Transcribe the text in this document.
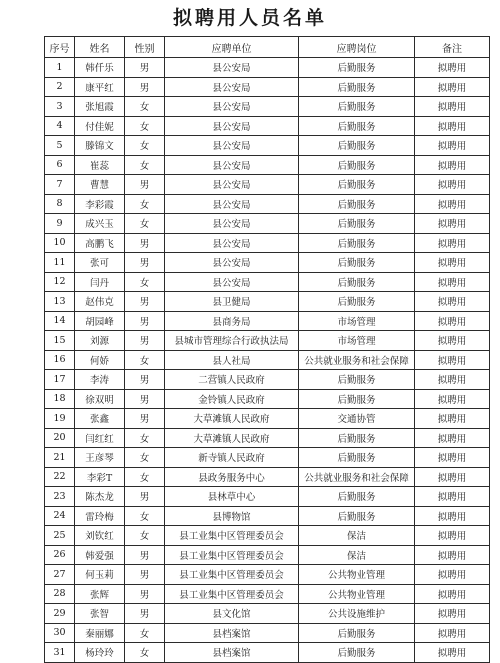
拟聘用人员名单
序号	姓名	性别	应聘单位	应聘岗位	备注
1	韩仟乐	男	县公安局	后勤服务	拟聘用
2	康平红	男	县公安局	后勤服务	拟聘用
3	张旭霞	女	县公安局	后勤服务	拟聘用
4	付佳妮	女	县公安局	后勤服务	拟聘用
5	滕锦文	女	县公安局	后勤服务	拟聘用
6	崔蕊	女	县公安局	后勤服务	拟聘用
7	曹慧	男	县公安局	后勤服务	拟聘用
8	李彩霞	女	县公安局	后勤服务	拟聘用
9	成兴玉	女	县公安局	后勤服务	拟聘用
10	高鹏飞	男	县公安局	后勤服务	拟聘用
11	张可	男	县公安局	后勤服务	拟聘用
12	闫丹	女	县公安局	后勤服务	拟聘用
13	赵伟克	男	县卫健局	后勤服务	拟聘用
14	胡园峰	男	县商务局	市场管理	拟聘用
15	刘源	男	县城市管理综合行政执法局	市场管理	拟聘用
16	何娇	女	县人社局	公共就业服务和社会保障	拟聘用
17	李涛	男	二营镇人民政府	后勤服务	拟聘用
18	徐双明	男	金铃镇人民政府	后勤服务	拟聘用
19	张鑫	男	大草滩镇人民政府	交通协管	拟聘用
20	闫红红	女	大草滩镇人民政府	后勤服务	拟聘用
21	王彦琴	女	新寺镇人民政府	后勤服务	拟聘用
22	李彩T	女	县政务服务中心	公共就业服务和社会保障	拟聘用
23	陈杰龙	男	县林草中心	后勤服务	拟聘用
24	雷玲梅	女	县博物馆	后勤服务	拟聘用
25	刘钦红	女	县工业集中区管理委员会	保洁	拟聘用
26	韩爱强	男	县工业集中区管理委员会	保洁	拟聘用
27	何玉莉	男	县工业集中区管理委员会	公共物业管理	拟聘用
28	张辉	男	县工业集中区管理委员会	公共物业管理	拟聘用
29	张智	男	县文化馆	公共设施维护	拟聘用
30	秦丽娜	女	县档案馆	后勤服务	拟聘用
31	杨玲玲	女	县档案馆	后勤服务	拟聘用
